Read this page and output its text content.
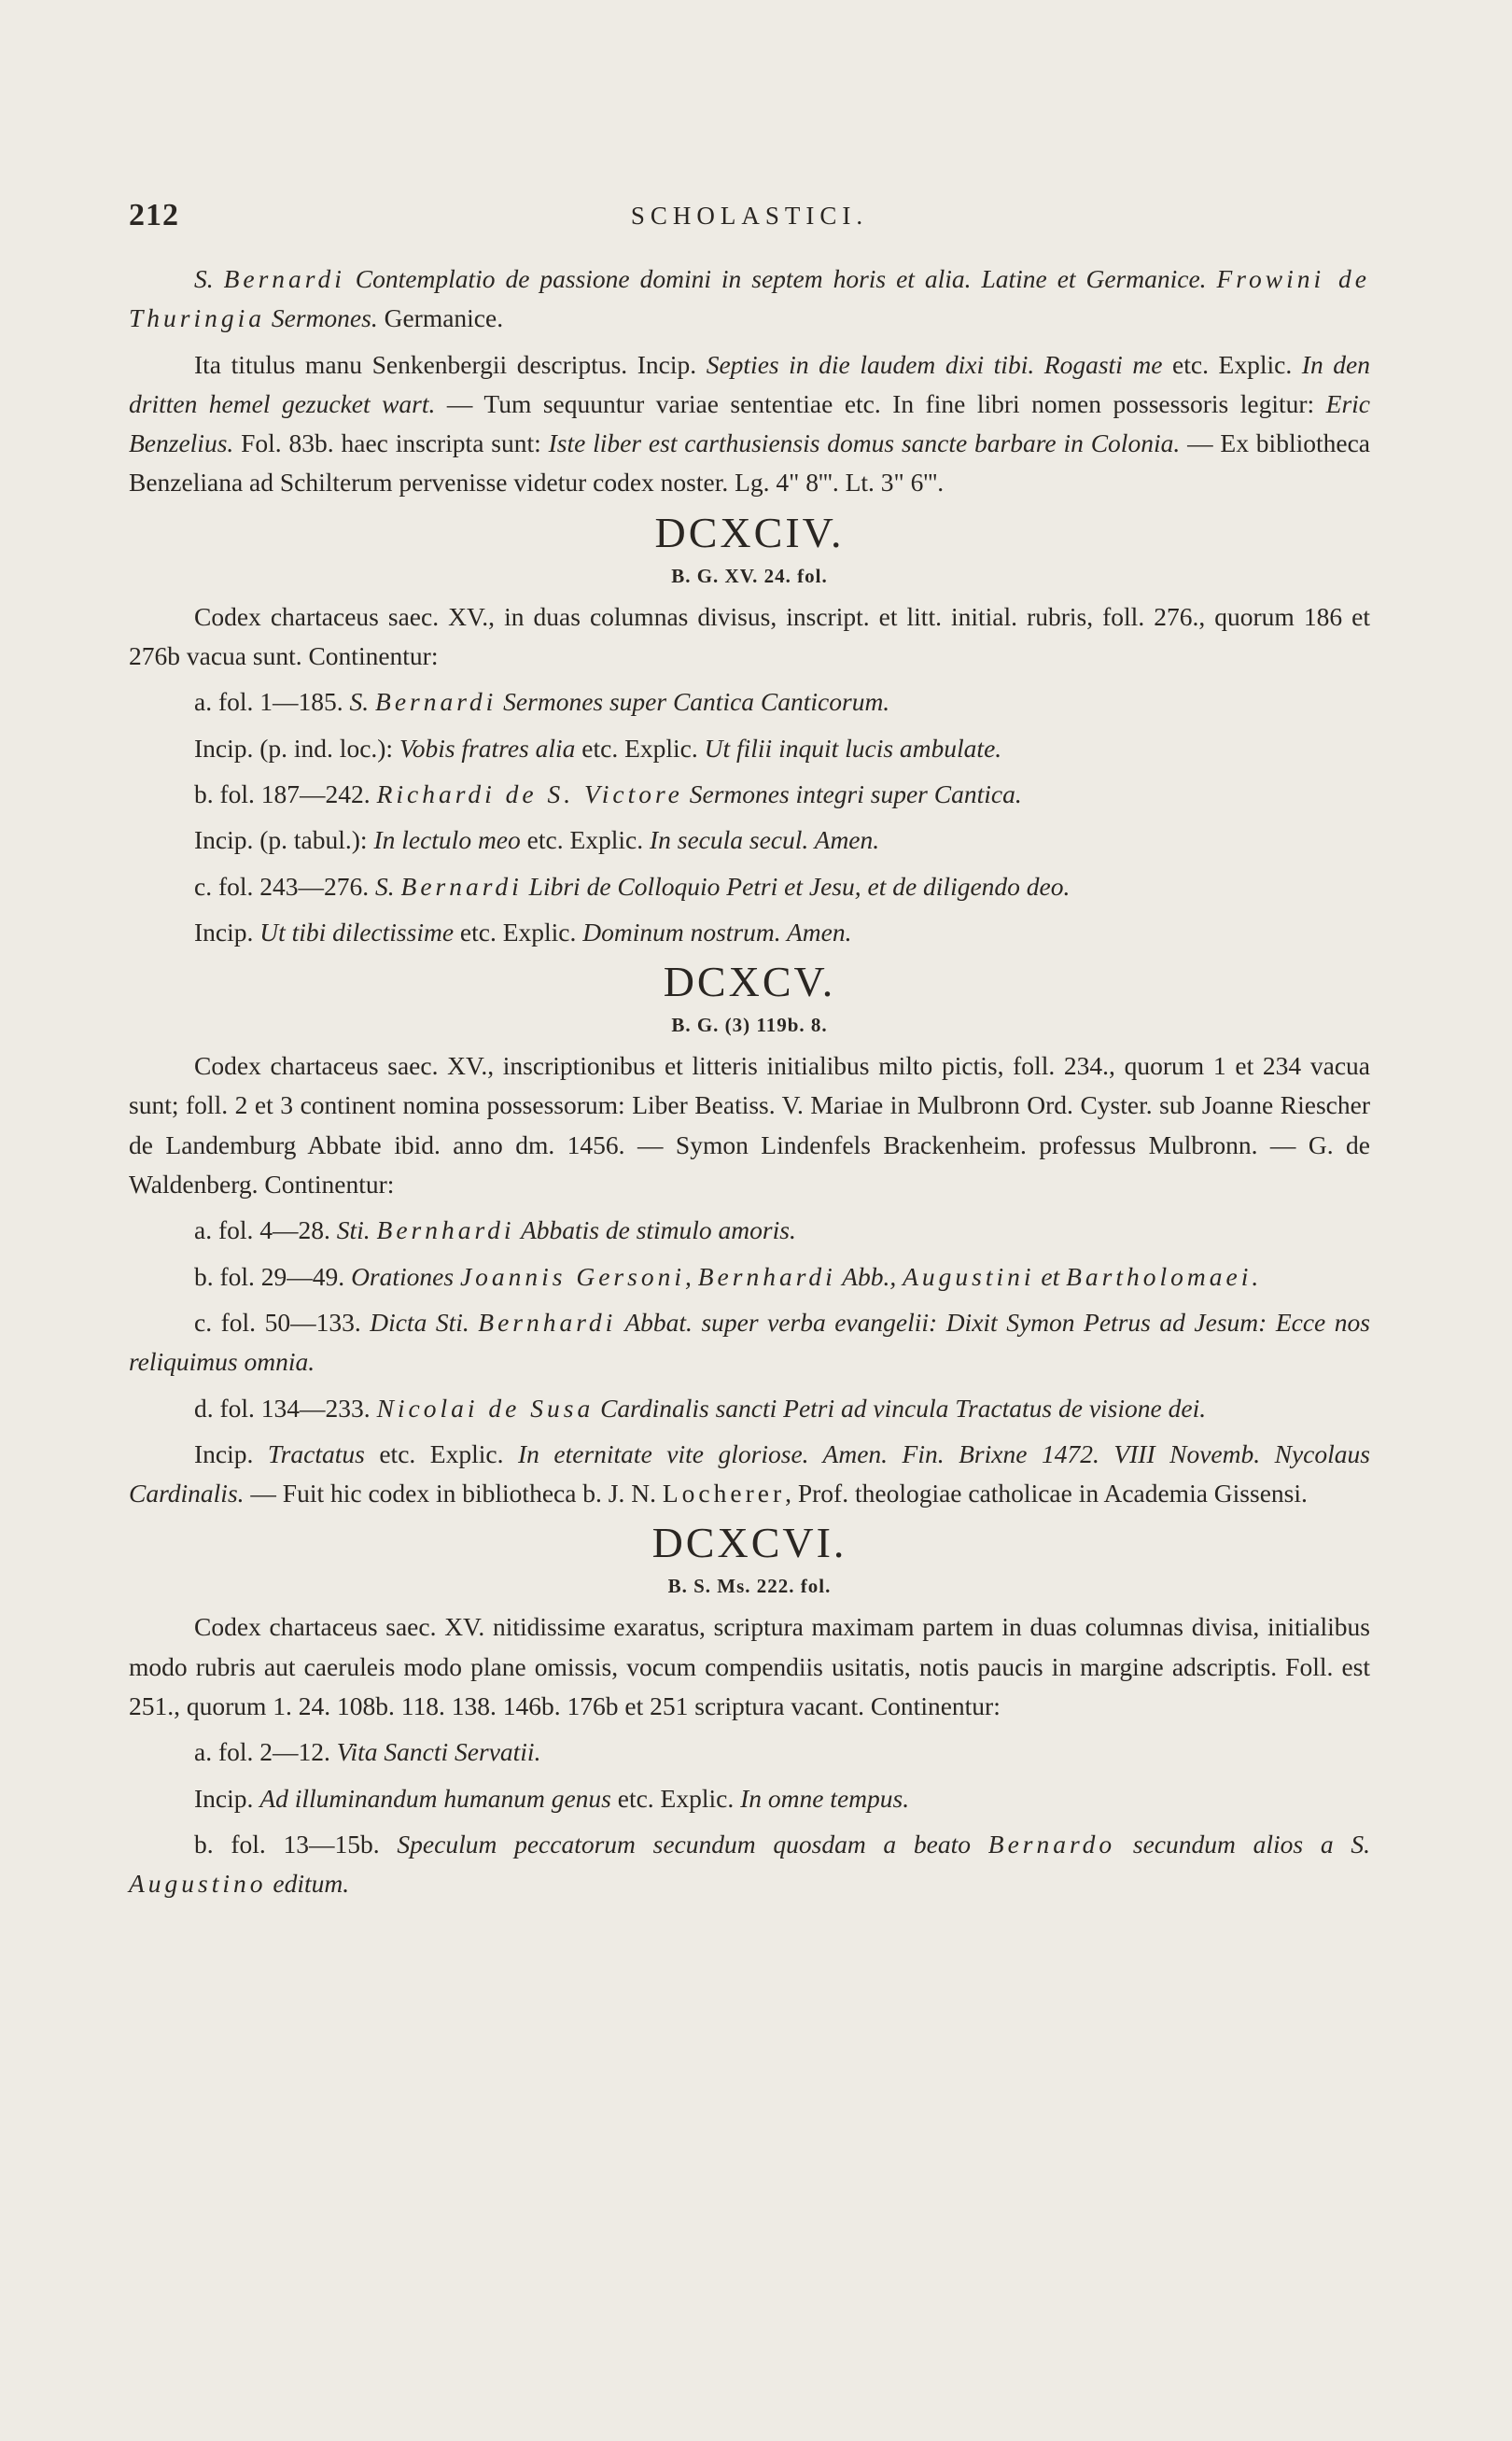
212	SCHOLASTICI.

S. Bernardi Contemplatio de passione domini in septem horis et alia. Latine et Germanice. Frowini de Thuringia Sermones. Germanice.

Ita titulus manu Senkenbergii descriptus. Incip. Septies in die laudem dixi tibi. Rogasti me etc. Explic. In den dritten hemel gezucket wart. — Tum sequuntur variae sententiae etc. In fine libri nomen possessoris legitur: Eric Benzelius. Fol. 83b. haec inscripta sunt: Iste liber est carthusiensis domus sancte barbare in Colonia. — Ex bibliotheca Benzeliana ad Schilterum pervenisse videtur codex noster. Lg. 4" 8'''. Lt. 3" 6'''.

DCXCIV.
B. G. XV. 24. fol.

Codex chartaceus saec. XV., in duas columnas divisus, inscript. et litt. initial. rubris, foll. 276., quorum 186 et 276b vacua sunt. Continentur:

a. fol. 1—185. S. Bernardi Sermones super Cantica Canticorum.

Incip. (p. ind. loc.): Vobis fratres alia etc. Explic. Ut filii inquit lucis ambulate.

b. fol. 187—242. Richardi de S. Victore Sermones integri super Cantica.

Incip. (p. tabul.): In lectulo meo etc. Explic. In secula secul. Amen.

c. fol. 243—276. S. Bernardi Libri de Colloquio Petri et Jesu, et de diligendo deo.

Incip. Ut tibi dilectissime etc. Explic. Dominum nostrum. Amen.

DCXCV.
B. G. (3) 119b. 8.

Codex chartaceus saec. XV., inscriptionibus et litteris initialibus milto pictis, foll. 234., quorum 1 et 234 vacua sunt; foll. 2 et 3 continent nomina possessorum: Liber Beatiss. V. Mariae in Mulbronn Ord. Cyster. sub Joanne Riescher de Landemburg Abbate ibid. anno dm. 1456. — Symon Lindenfels Brackenheim. professus Mulbronn. — G. de Waldenberg. Continentur:

a. fol. 4—28. Sti. Bernhardi Abbatis de stimulo amoris.

b. fol. 29—49. Orationes Joannis Gersoni, Bernhardi Abb., Augustini et Bartholomaei.

c. fol. 50—133. Dicta Sti. Bernhardi Abbat. super verba evangelii: Dixit Symon Petrus ad Jesum: Ecce nos reliquimus omnia.

d. fol. 134—233. Nicolai de Susa Cardinalis sancti Petri ad vincula Tractatus de visione dei.

Incip. Tractatus etc. Explic. In eternitate vite gloriose. Amen. Fin. Brixne 1472. VIII Novemb. Nycolaus Cardinalis. — Fuit hic codex in bibliotheca b. J. N. Locherer, Prof. theologiae catholicae in Academia Gissensi.

DCXCVI.
B. S. Ms. 222. fol.

Codex chartaceus saec. XV. nitidissime exaratus, scriptura maximam partem in duas columnas divisa, initialibus modo rubris aut caeruleis modo plane omissis, vocum compendiis usitatis, notis paucis in margine adscriptis. Foll. est 251., quorum 1. 24. 108b. 118. 138. 146b. 176b et 251 scriptura vacant. Continentur:

a. fol. 2—12. Vita Sancti Servatii.

Incip. Ad illuminandum humanum genus etc. Explic. In omne tempus.

b. fol. 13—15b. Speculum peccatorum secundum quosdam a beato Bernardo secundum alios a S. Augustino editum.
